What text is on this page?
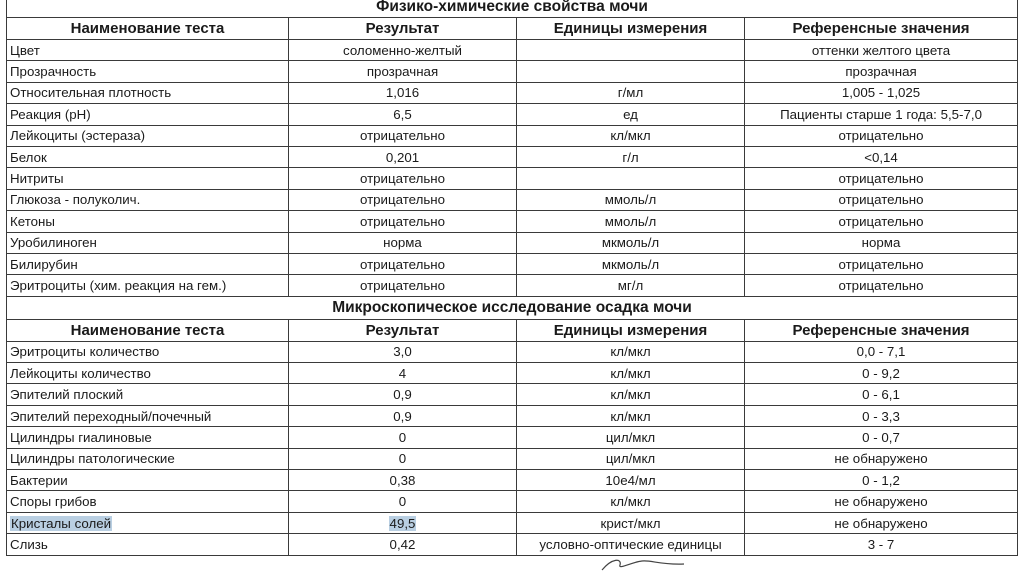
Физико-химические свойства мочи			
Наименование теста	Результат	Единицы измерения	Референсные значения
Цвет	соломенно-желтый		оттенки желтого цвета
Прозрачность	прозрачная		прозрачная
Относительная плотность	1,016	г/мл	1,005 - 1,025
Реакция (pH)	6,5	ед	Пациенты старше 1 года: 5,5-7,0
Лейкоциты (эстераза)	отрицательно	кл/мкл	отрицательно
Белок	0,201	г/л	<0,14
Нитриты	отрицательно		отрицательно
Глюкоза - полуколич.	отрицательно	ммоль/л	отрицательно
Кетоны	отрицательно	ммоль/л	отрицательно
Уробилиноген	норма	мкмоль/л	норма
Билирубин	отрицательно	мкмоль/л	отрицательно
Эритроциты (хим. реакция на гем.)	отрицательно	мг/л	отрицательно
Микроскопическое исследование осадка мочи			
Наименование теста	Результат	Единицы измерения	Референсные значения
Эритроциты количество	3,0	кл/мкл	0,0 - 7,1
Лейкоциты количество	4	кл/мкл	0 - 9,2
Эпителий плоский	0,9	кл/мкл	0 - 6,1
Эпителий переходный/почечный	0,9	кл/мкл	0 - 3,3
Цилиндры гиалиновые	0	цил/мкл	0 - 0,7
Цилиндры патологические	0	цил/мкл	не обнаружено
Бактерии	0,38	10е4/мл	0 - 1,2
Споры грибов	0	кл/мкл	не обнаружено
Кристалы солей	49,5	крист/мкл	не обнаружено
Слизь	0,42	условно-оптические единицы	3 - 7
